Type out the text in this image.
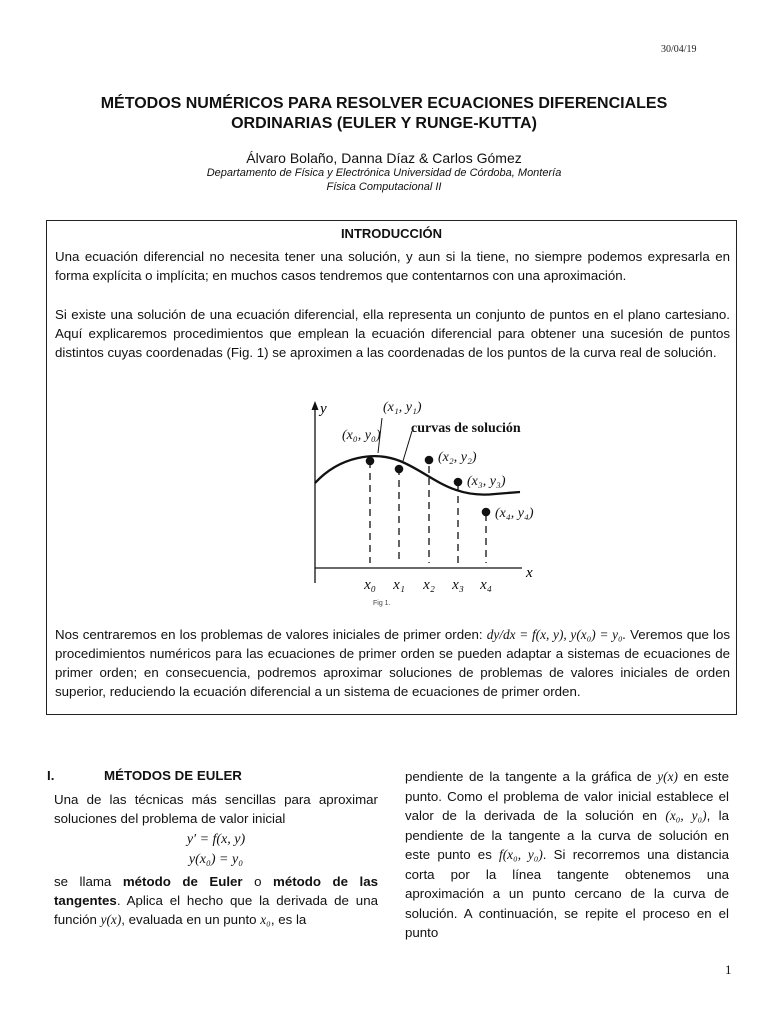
30/04/19
MÉTODOS NUMÉRICOS PARA RESOLVER ECUACIONES DIFERENCIALES
ORDINARIAS (EULER Y RUNGE-KUTTA)
Álvaro Bolaño, Danna Díaz & Carlos Gómez
Departamento de Física y Electrónica Universidad de Córdoba, Montería
Física Computacional II
INTRODUCCIÓN
Una ecuación diferencial no necesita tener una solución, y aun si la tiene, no siempre podemos expresarla en forma explícita o implícita; en muchos casos tendremos que contentarnos con una aproximación.
Si existe una solución de una ecuación diferencial, ella representa un conjunto de puntos en el plano cartesiano. Aquí explicaremos procedimientos que emplean la ecuación diferencial para obtener una sucesión de puntos distintos cuyas coordenadas (Fig. 1) se aproximen a las coordenadas de los puntos de la curva real de solución.
y
x
(x₀, y₀)
(x₁, y₁)
(x₂, y₂)
(x₃, y₃)
(x₄, y₄)
curvas de solución
x₀ x₁ x₂ x₃ x₄
Fig 1.
Nos centraremos en los problemas de valores iniciales de primer orden: dy/dx = f(x, y), y(x₀) = y₀. Veremos que los procedimientos numéricos para las ecuaciones de primer orden se pueden adaptar a sistemas de ecuaciones de primer orden; en consecuencia, podremos aproximar soluciones de problemas de valores iniciales de orden superior, reduciendo la ecuación diferencial a un sistema de ecuaciones de primer orden.
I.	MÉTODOS DE EULER
Una de las técnicas más sencillas para aproximar soluciones del problema de valor inicial
y′ = f(x, y)
y(x₀) = y₀
se llama método de Euler o método de las tangentes. Aplica el hecho que la derivada de una función y(x), evaluada en un punto x₀, es la
pendiente de la tangente a la gráfica de y(x) en este punto. Como el problema de valor inicial establece el valor de la derivada de la solución en (x₀, y₀), la pendiente de la tangente a la curva de solución en este punto es f(x₀, y₀). Si recorremos una distancia corta por la línea tangente obtenemos una aproximación a un punto cercano de la curva de solución. A continuación, se repite el proceso en el punto
1
